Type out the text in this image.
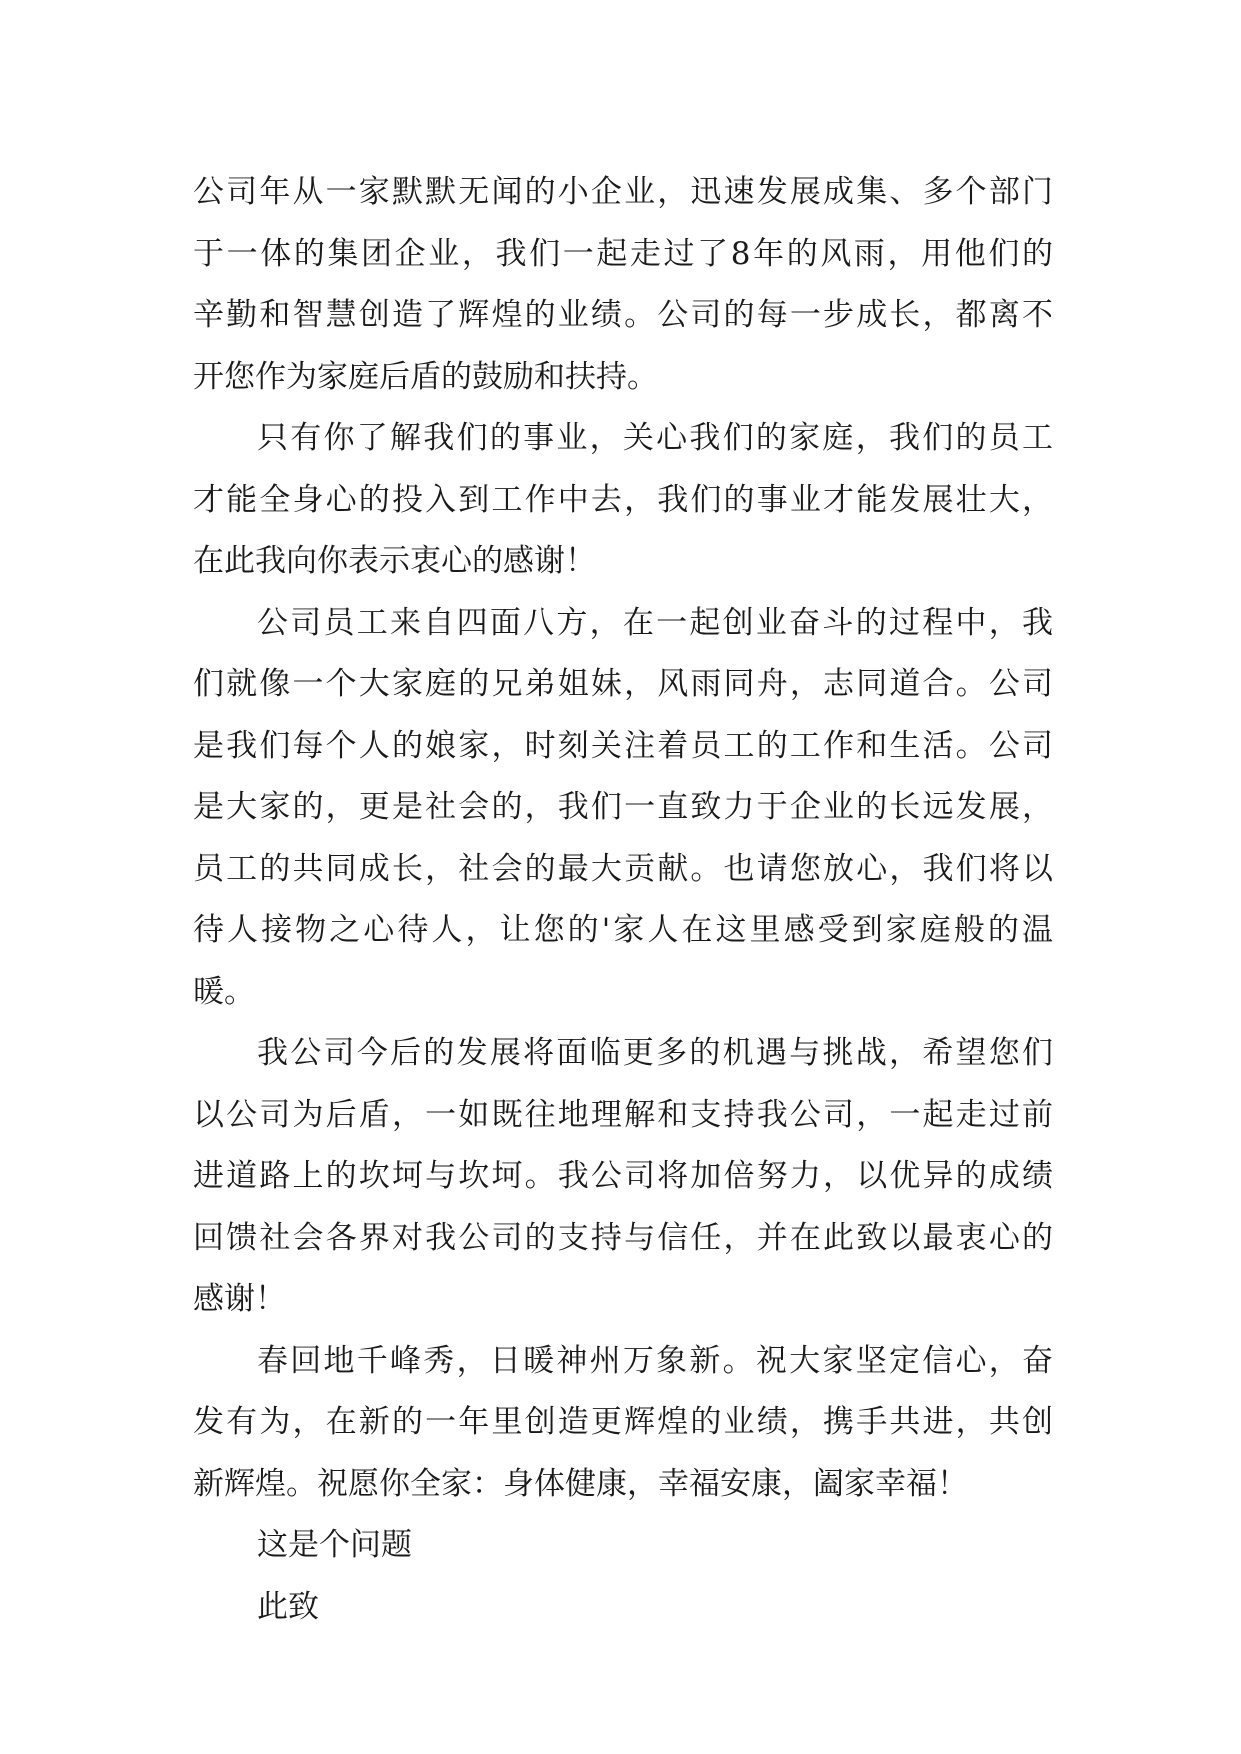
公司年从一家默默无闻的小企业，迅速发展成集、多个部门
于一体的集团企业，我们一起走过了8年的风雨，用他们的
辛勤和智慧创造了辉煌的业绩。公司的每一步成长，都离不
开您作为家庭后盾的鼓励和扶持。
只有你了解我们的事业，关心我们的家庭，我们的员工
才能全身心的投入到工作中去，我们的事业才能发展壮大，
在此我向你表示衷心的感谢！
公司员工来自四面八方，在一起创业奋斗的过程中，我
们就像一个大家庭的兄弟姐妹，风雨同舟，志同道合。公司
是我们每个人的娘家，时刻关注着员工的工作和生活。公司
是大家的，更是社会的，我们一直致力于企业的长远发展，
员工的共同成长，社会的最大贡献。也请您放心，我们将以
待人接物之心待人，让您的'家人在这里感受到家庭般的温
暖。
我公司今后的发展将面临更多的机遇与挑战，希望您们
以公司为后盾，一如既往地理解和支持我公司，一起走过前
进道路上的坎坷与坎坷。我公司将加倍努力，以优异的成绩
回馈社会各界对我公司的支持与信任，并在此致以最衷心的
感谢！
春回地千峰秀，日暖神州万象新。祝大家坚定信心，奋
发有为，在新的一年里创造更辉煌的业绩，携手共进，共创
新辉煌。祝愿你全家：身体健康，幸福安康，阖家幸福！
这是个问题
此致
